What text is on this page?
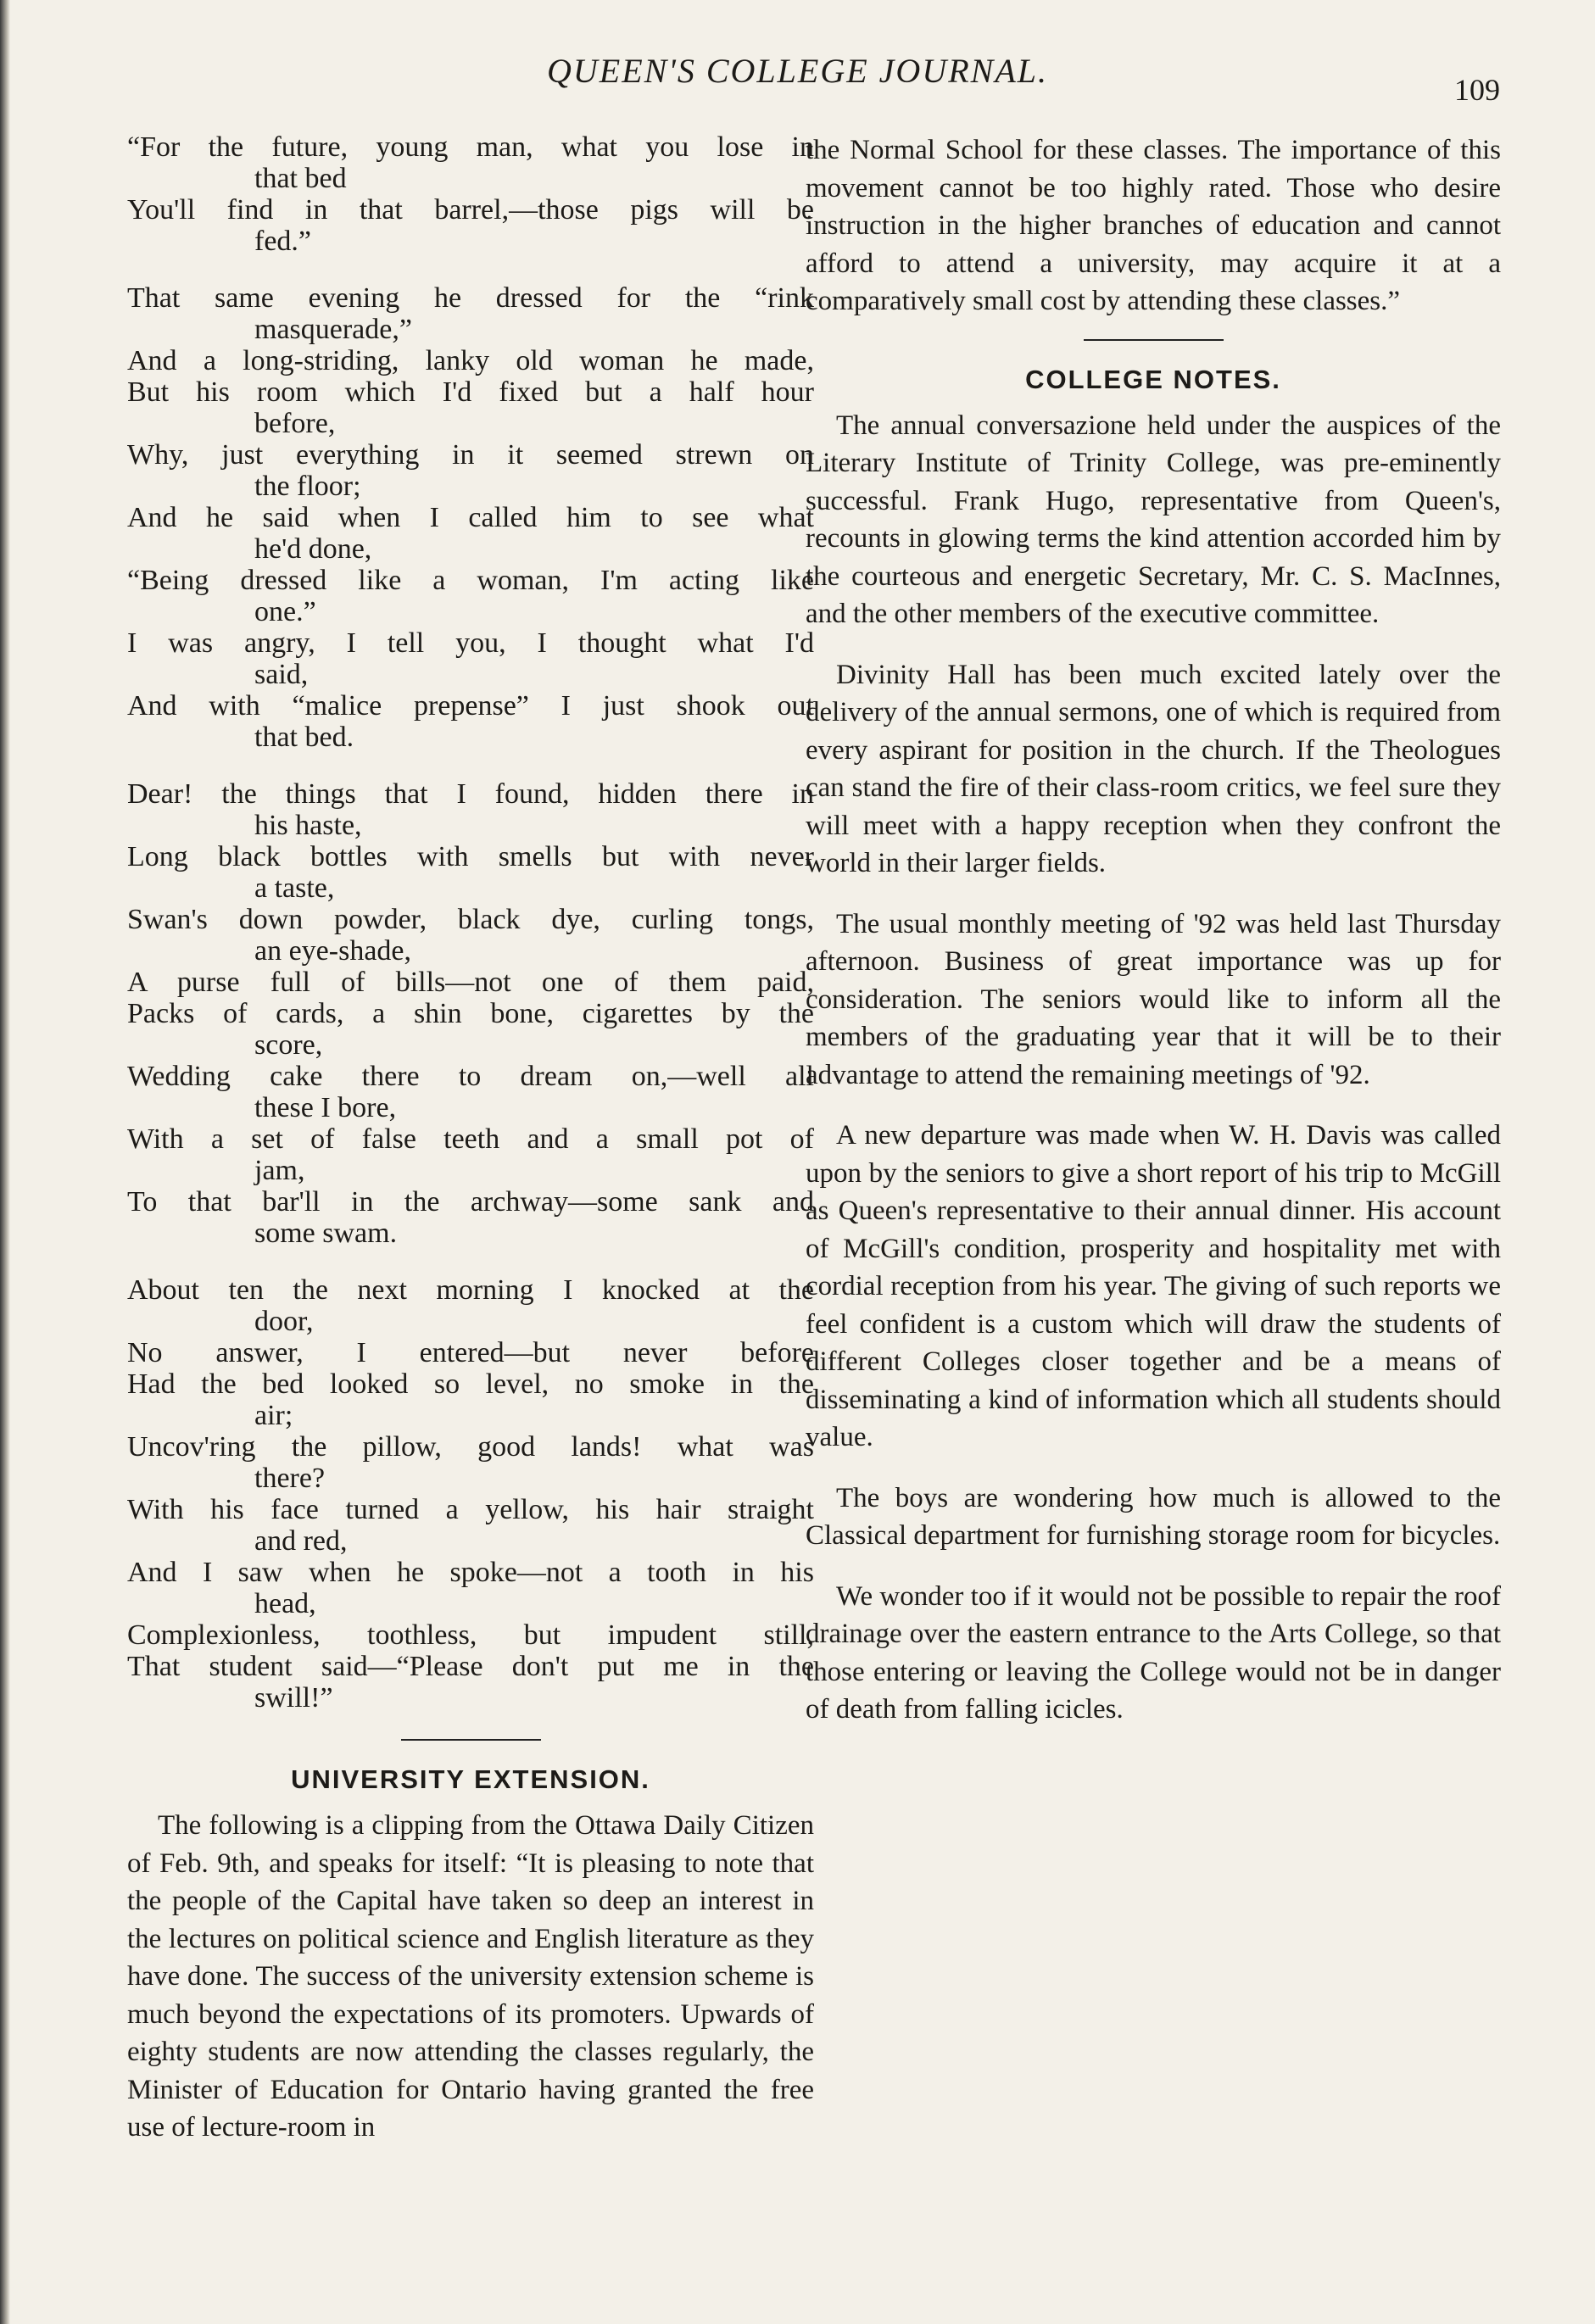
QUEEN'S COLLEGE JOURNAL.	109
“For the future, young man, what you lose in
that bed
You'll find in that barrel,—those pigs will be
fed.”
That same evening he dressed for the “rink
masquerade,”
And a long-striding, lanky old woman he made,
But his room which I'd fixed but a half hour
before,
Why, just everything in it seemed strewn on
the floor;
And he said when I called him to see what
he'd done,
“Being dressed like a woman, I'm acting like
one.”
I was angry, I tell you, I thought what I'd
said,
And with “malice prepense” I just shook out
that bed.
Dear! the things that I found, hidden there in
his haste,
Long black bottles with smells but with never
a taste,
Swan's down powder, black dye, curling tongs,
an eye-shade,
A purse full of bills—not one of them paid,
Packs of cards, a shin bone, cigarettes by the
score,
Wedding cake there to dream on,—well all
these I bore,
With a set of false teeth and a small pot of
jam,
To that bar'll in the archway—some sank and
some swam.
About ten the next morning I knocked at the
door,
No answer, I entered—but never before
Had the bed looked so level, no smoke in the
air;
Uncov'ring the pillow, good lands! what was
there?
With his face turned a yellow, his hair straight
and red,
And I saw when he spoke—not a tooth in his
head,
Complexionless, toothless, but impudent still,
That student said—“Please don't put me in the
swill!”
UNIVERSITY EXTENSION.

The following is a clipping from the Ottawa Daily Citizen of Feb. 9th, and speaks for itself: “It is pleasing to note that the people of the Capital have taken so deep an interest in the lectures on political science and English literature as they have done. The success of the university extension scheme is much beyond the expectations of its promoters. Upwards of eighty students are now attending the classes regularly, the Minister of Education for Ontario having granted the free use of lecture-room in

the Normal School for these classes. The importance of this movement cannot be too highly rated. Those who desire instruction in the higher branches of education and cannot afford to attend a university, may acquire it at a comparatively small cost by attending these classes.”

COLLEGE NOTES.

The annual conversazione held under the auspices of the Literary Institute of Trinity College, was pre-eminently successful. Frank Hugo, representative from Queen's, recounts in glowing terms the kind attention accorded him by the courteous and energetic Secretary, Mr. C. S. MacInnes, and the other members of the executive committee.

Divinity Hall has been much excited lately over the delivery of the annual sermons, one of which is required from every aspirant for position in the church. If the Theologues can stand the fire of their class-room critics, we feel sure they will meet with a happy reception when they confront the world in their larger fields.

The usual monthly meeting of '92 was held last Thursday afternoon. Business of great importance was up for consideration. The seniors would like to inform all the members of the graduating year that it will be to their advantage to attend the remaining meetings of '92.

A new departure was made when W. H. Davis was called upon by the seniors to give a short report of his trip to McGill as Queen's representative to their annual dinner. His account of McGill's condition, prosperity and hospitality met with cordial reception from his year. The giving of such reports we feel confident is a custom which will draw the students of different Colleges closer together and be a means of disseminating a kind of information which all students should value.

The boys are wondering how much is allowed to the Classical department for furnishing storage room for bicycles.

We wonder too if it would not be possible to repair the roof drainage over the eastern entrance to the Arts College, so that those entering or leaving the College would not be in danger of death from falling icicles.
